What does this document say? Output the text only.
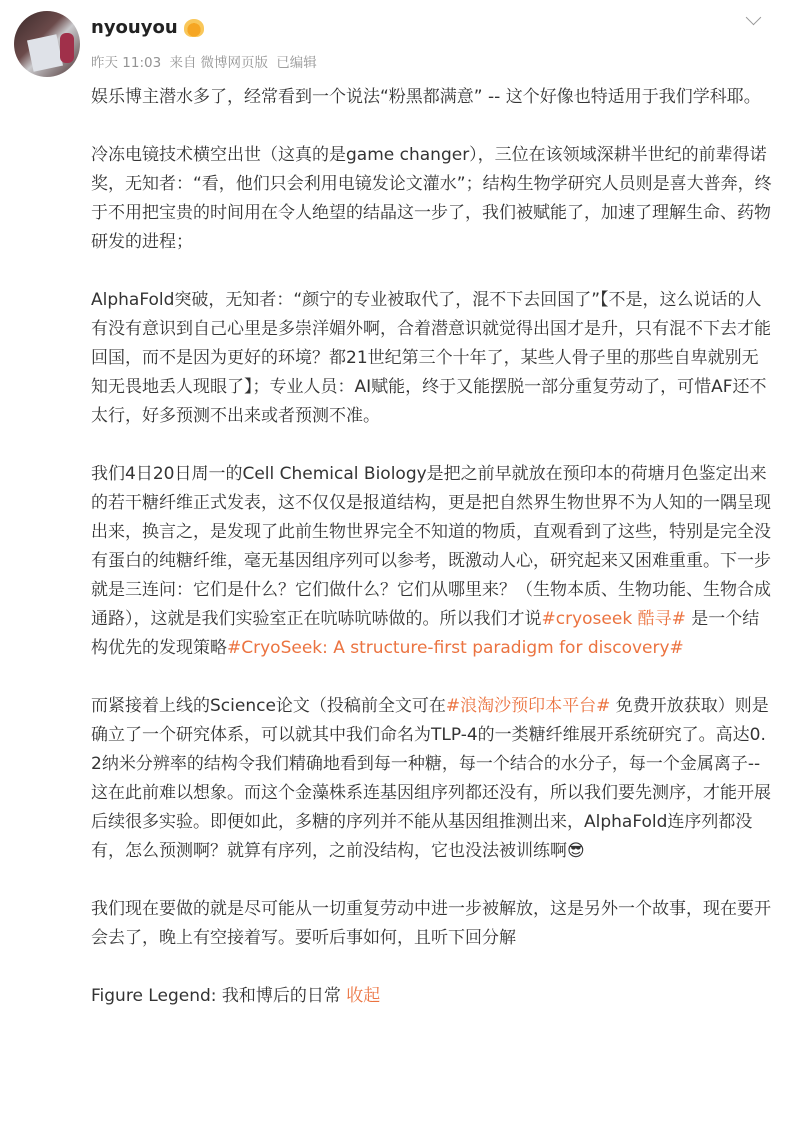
nyouyou
昨天 11:03 来自 微博网页版 已编辑

娱乐博主潜水多了，经常看到一个说法“粉黑都满意” -- 这个好像也特适用于我们学科耶。

冷冻电镜技术横空出世（这真的是game changer），三位在该领域深耕半世纪的前辈得诺奖，无知者：“看，他们只会利用电镜发论文灌水”；结构生物学研究人员则是喜大普奔，终于不用把宝贵的时间用在令人绝望的结晶这一步了，我们被赋能了，加速了理解生命、药物研发的进程；

AlphaFold突破，无知者：“颜宁的专业被取代了，混不下去回国了”【不是，这么说话的人有没有意识到自己心里是多崇洋媚外啊，合着潜意识就觉得出国才是升，只有混不下去才能回国，而不是因为更好的环境？都21世纪第三个十年了，某些人骨子里的那些自卑就别无知无畏地丢人现眼了】；专业人员：AI赋能，终于又能摆脱一部分重复劳动了，可惜AF还不太行，好多预测不出来或者预测不准。

我们4日20日周一的Cell Chemical Biology是把之前早就放在预印本的荷塘月色鉴定出来的若干糖纤维正式发表，这不仅仅是报道结构，更是把自然界生物世界不为人知的一隅呈现出来，换言之，是发现了此前生物世界完全不知道的物质，直观看到了这些，特别是完全没有蛋白的纯糖纤维，毫无基因组序列可以参考，既激动人心，研究起来又困难重重。下一步就是三连问：它们是什么？它们做什么？它们从哪里来？（生物本质、生物功能、生物合成通路），这就是我们实验室正在吭哧吭哧做的。所以我们才说#cryoseek 酷寻# 是一个结构优先的发现策略#CryoSeek: A structure-first paradigm for discovery#

而紧接着上线的Science论文（投稿前全文可在#浪淘沙预印本平台# 免费开放获取）则是确立了一个研究体系，可以就其中我们命名为TLP-4的一类糖纤维展开系统研究了。高达0.2纳米分辨率的结构令我们精确地看到每一种糖，每一个结合的水分子，每一个金属离子--这在此前难以想象。而这个金藻株系连基因组序列都还没有，所以我们要先测序，才能开展后续很多实验。即便如此，多糖的序列并不能从基因组推测出来，AlphaFold连序列都没有，怎么预测啊？就算有序列，之前没结构，它也没法被训练啊😎

我们现在要做的就是尽可能从一切重复劳动中进一步被解放，这是另外一个故事，现在要开会去了，晚上有空接着写。要听后事如何，且听下回分解

Figure Legend: 我和博后的日常 收起
